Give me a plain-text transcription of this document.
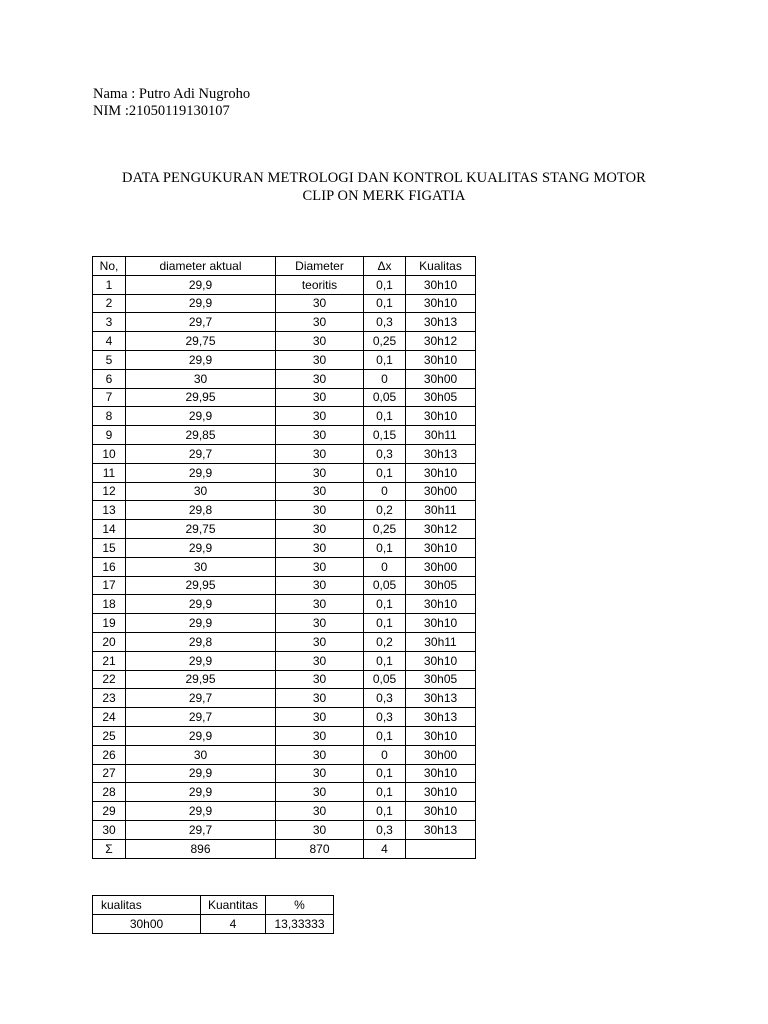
Nama : Putro Adi Nugroho
NIM :21050119130107
DATA PENGUKURAN METROLOGI DAN KONTROL KUALITAS STANG MOTOR
CLIP ON MERK FIGATIA
No,	diameter aktual	Diameter	Δx	Kualitas
1	29,9	teoritis	0,1	30h10
2	29,9	30	0,1	30h10
3	29,7	30	0,3	30h13
4	29,75	30	0,25	30h12
5	29,9	30	0,1	30h10
6	30	30	0	30h00
7	29,95	30	0,05	30h05
8	29,9	30	0,1	30h10
9	29,85	30	0,15	30h11
10	29,7	30	0,3	30h13
11	29,9	30	0,1	30h10
12	30	30	0	30h00
13	29,8	30	0,2	30h11
14	29,75	30	0,25	30h12
15	29,9	30	0,1	30h10
16	30	30	0	30h00
17	29,95	30	0,05	30h05
18	29,9	30	0,1	30h10
19	29,9	30	0,1	30h10
20	29,8	30	0,2	30h11
21	29,9	30	0,1	30h10
22	29,95	30	0,05	30h05
23	29,7	30	0,3	30h13
24	29,7	30	0,3	30h13
25	29,9	30	0,1	30h10
26	30	30	0	30h00
27	29,9	30	0,1	30h10
28	29,9	30	0,1	30h10
29	29,9	30	0,1	30h10
30	29,7	30	0,3	30h13
Σ	896	870	4	
kualitas	Kuantitas	%
30h00	4	13,33333
